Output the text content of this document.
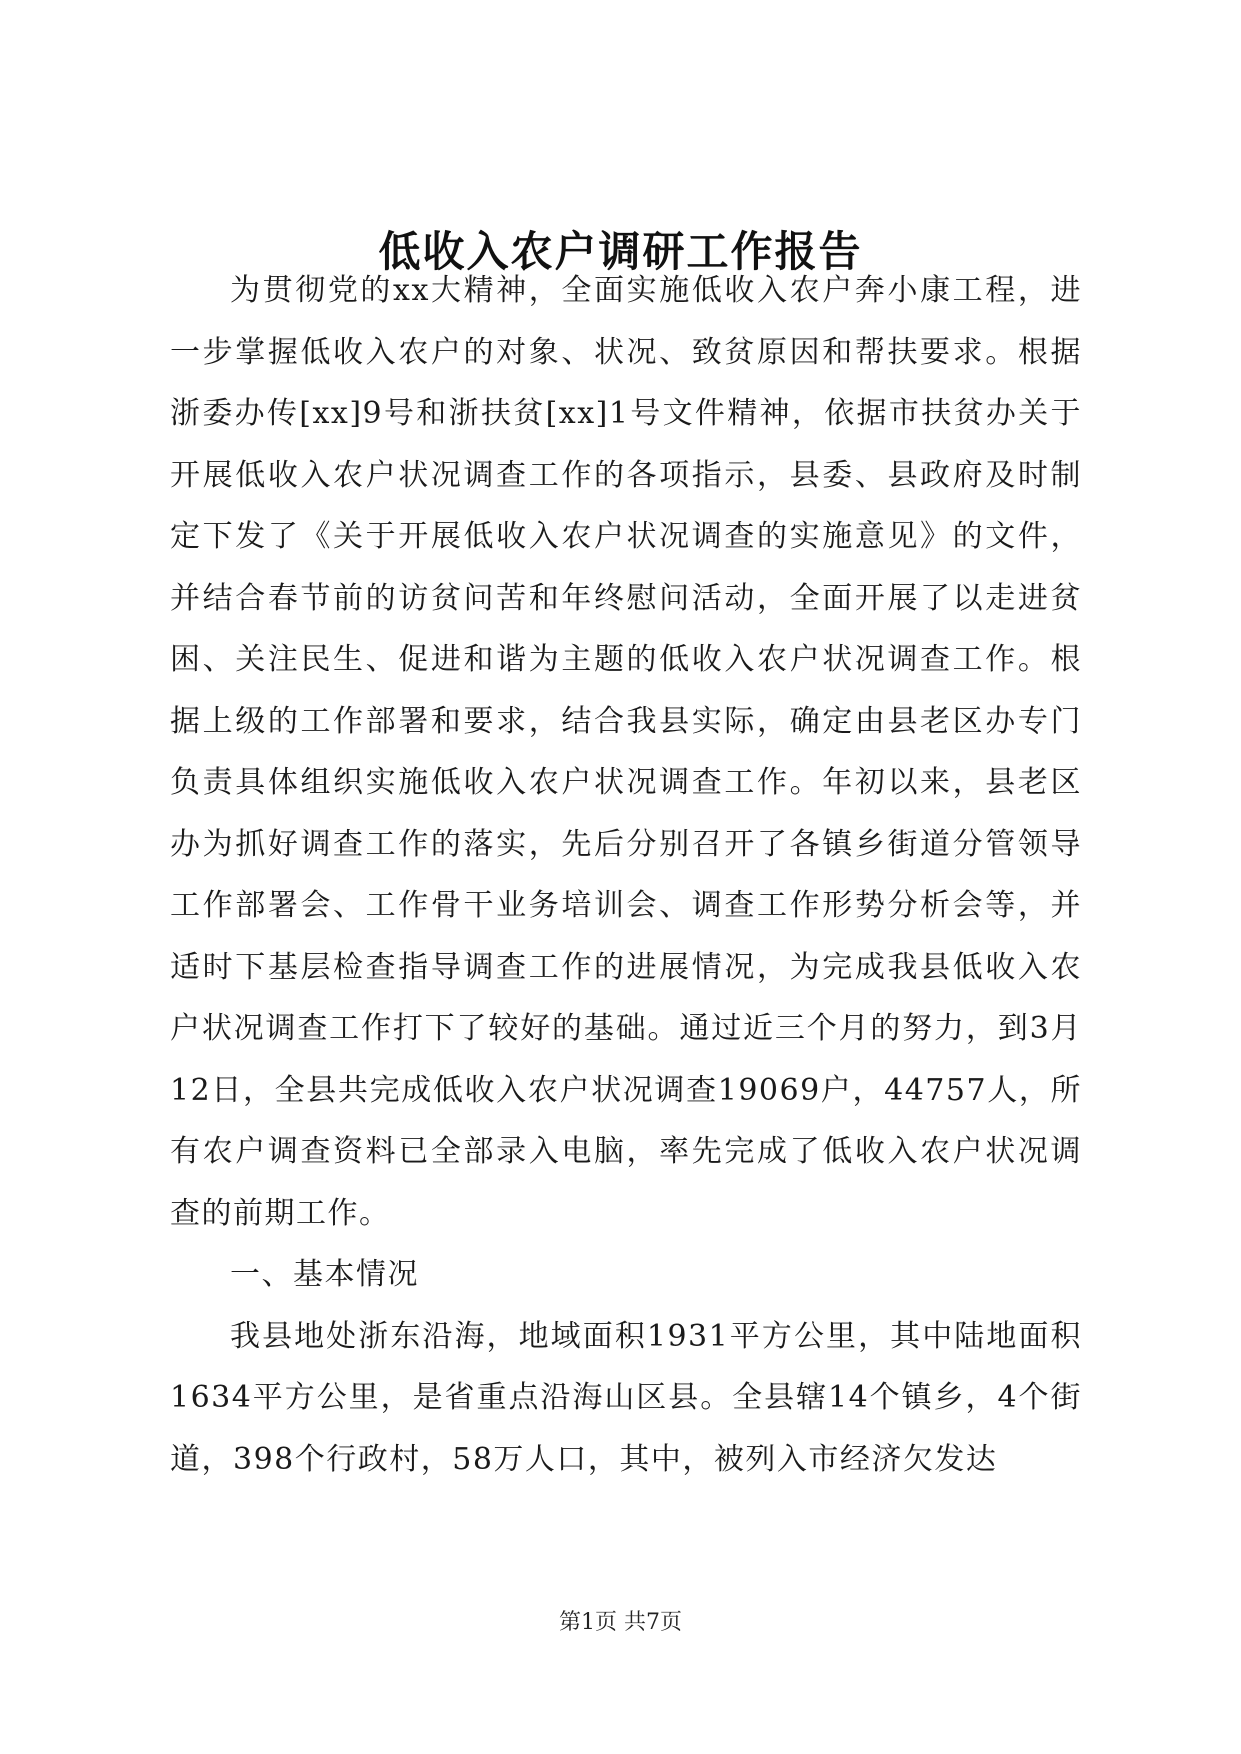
低收入农户调研工作报告

为贯彻党的xx大精神，全面实施低收入农户奔小康工程，进一步掌握低收入农户的对象、状况、致贫原因和帮扶要求。根据浙委办传[xx]9号和浙扶贫[xx]1号文件精神，依据市扶贫办关于开展低收入农户状况调查工作的各项指示，县委、县政府及时制定下发了《关于开展低收入农户状况调查的实施意见》的文件，并结合春节前的访贫问苦和年终慰问活动，全面开展了以走进贫困、关注民生、促进和谐为主题的低收入农户状况调查工作。根据上级的工作部署和要求，结合我县实际，确定由县老区办专门负责具体组织实施低收入农户状况调查工作。年初以来，县老区办为抓好调查工作的落实，先后分别召开了各镇乡街道分管领导工作部署会、工作骨干业务培训会、调查工作形势分析会等，并适时下基层检查指导调查工作的进展情况，为完成我县低收入农户状况调查工作打下了较好的基础。通过近三个月的努力，到3月12日，全县共完成低收入农户状况调查19069户，44757人，所有农户调查资料已全部录入电脑，率先完成了低收入农户状况调查的前期工作。

一、基本情况

我县地处浙东沿海，地域面积1931平方公里，其中陆地面积1634平方公里，是省重点沿海山区县。全县辖14个镇乡，4个街道，398个行政村，58万人口，其中，被列入市经济欠发达

第1页 共7页
